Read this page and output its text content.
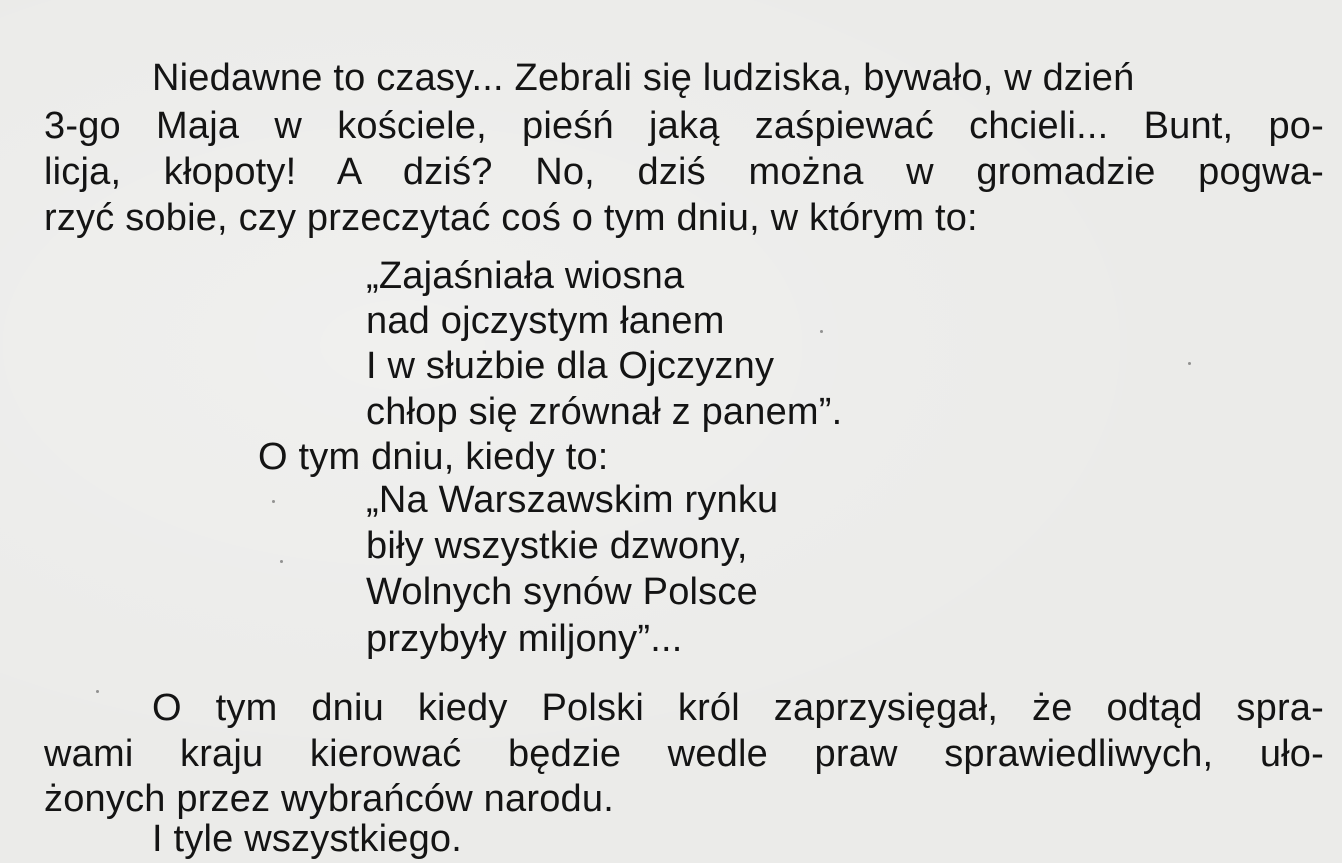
Niedawne to czasy... Zebrali się ludziska, bywało, w dzień
3-go Maja w kościele, pieśń jaką zaśpiewać chcieli... Bunt, po-
licja, kłopoty! A dziś? No, dziś można w gromadzie pogwa-
rzyć sobie, czy przeczytać coś o tym dniu, w którym to:
„Zajaśniała wiosna
nad ojczystym łanem
I w służbie dla Ojczyzny
chłop się zrównał z panem”.
O tym dniu, kiedy to:
„Na Warszawskim rynku
biły wszystkie dzwony,
Wolnych synów Polsce
przybyły miljony”...
O tym dniu kiedy Polski król zaprzysięgał, że odtąd spra-
wami kraju kierować będzie wedle praw sprawiedliwych, uło-
żonych przez wybrańców narodu.
I tyle wszystkiego.
